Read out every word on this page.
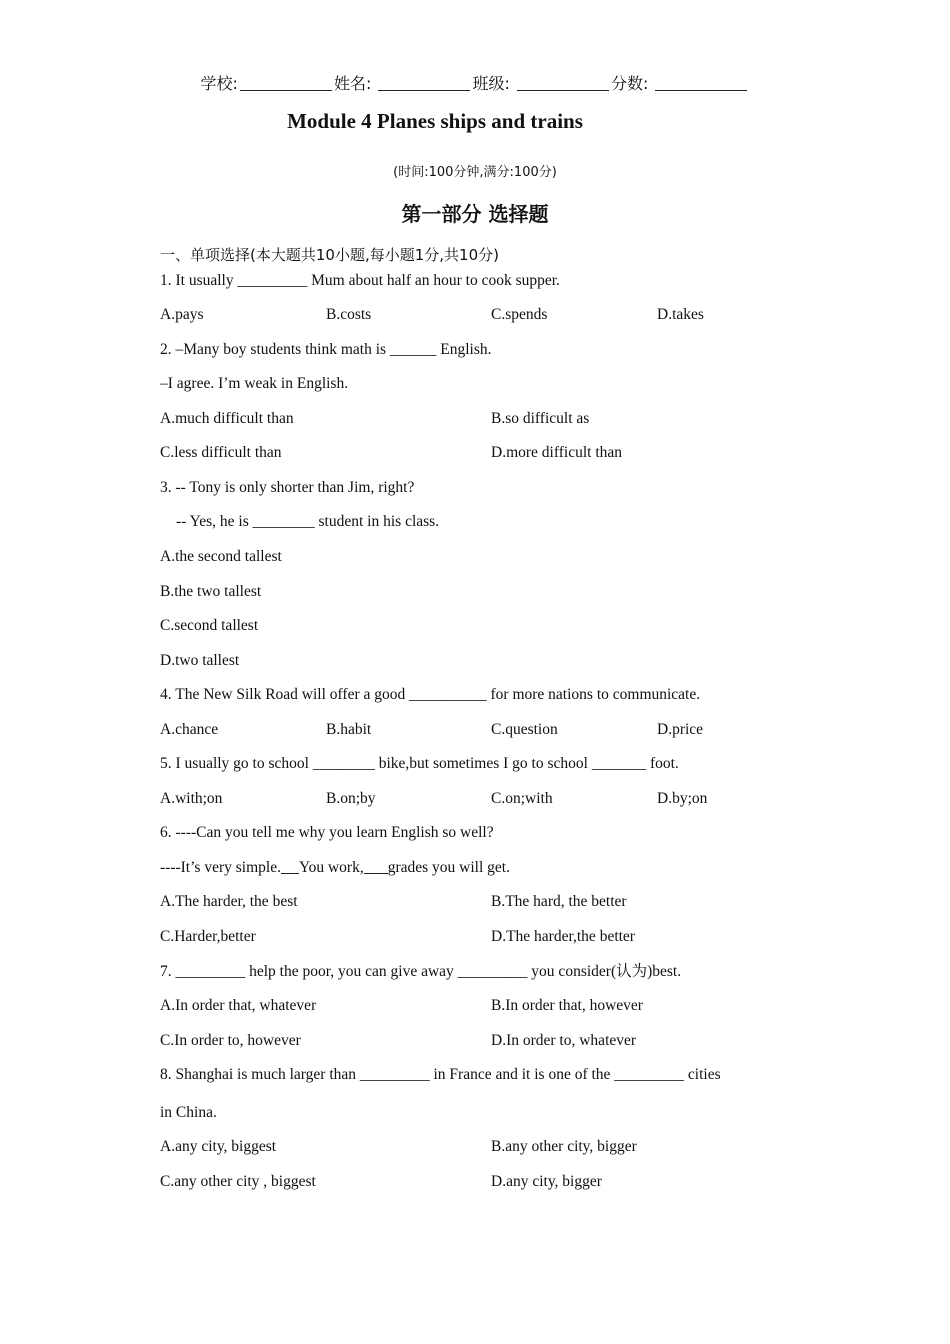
学校:	姓名:	班级:	分数:
Module 4 Planes ships and trains
(时间:100分钟,满分:100分)
第一部分 选择题
一、单项选择(本大题共10小题,每小题1分,共10分)
1. It usually _________ Mum about half an hour to cook supper.
A.pays	B.costs	C.spends	D.takes
2. –Many boy students think math is ______ English.
–I agree. I’m weak in English.
A.much difficult than	B.so difficult as
C.less difficult than	D.more difficult than
3. -- Tony is only shorter than Jim, right?
-- Yes, he is ________ student in his class.
A.the second tallest
B.the two tallest
C.second tallest
D.two tallest
4. The New Silk Road will offer a good __________ for more nations to communicate.
A.chance	B.habit	C.question	D.price
5. I usually go to school ________ bike,but sometimes I go to school _______ foot.
A.with;on	B.on;by	C.on;with	D.by;on
6. ----Can you tell me why you learn English so well?
----It’s very simple. You work, grades you will get.
A.The harder, the best	B.The hard, the better
C.Harder,better	D.The harder,the better
7. _________ help the poor, you can give away _________ you consider(认为)best.
A.In order that, whatever	B.In order that, however
C.In order to, however	D.In order to, whatever
8. Shanghai is much larger than _________ in France and it is one of the _________ cities
in China.
A.any city, biggest	B.any other city, bigger
C.any other city , biggest	D.any city, bigger
